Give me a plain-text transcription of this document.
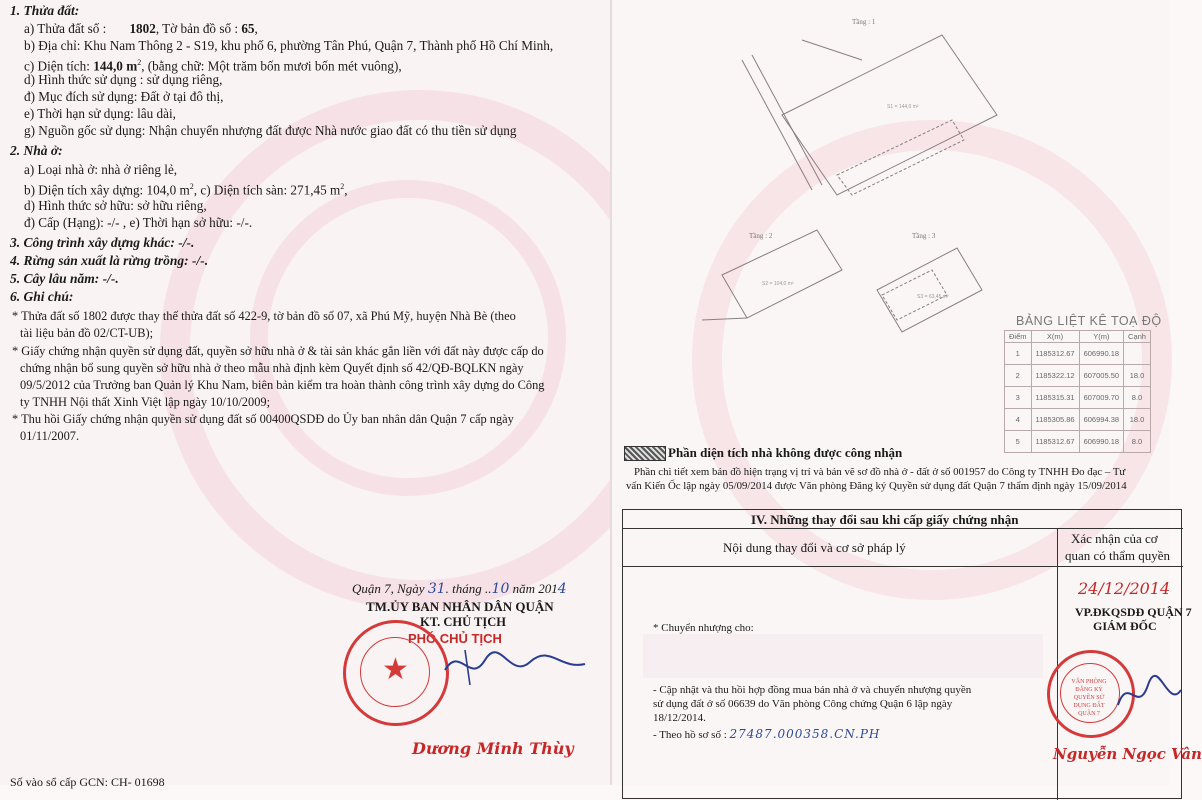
1. Thửa đất:
a) Thửa đất số : 1802, Tờ bản đồ số : 65,
b) Địa chỉ: Khu Nam Thông 2 - S19, khu phố 6, phường Tân Phú, Quận 7, Thành phố Hồ Chí Minh,
c) Diện tích: 144,0 $m^2$, (bằng chữ: Một trăm bốn mươi bốn mét vuông),
d) Hình thức sử dụng : sử dụng riêng,
đ) Mục đích sử dụng: Đất ở tại đô thị,
e) Thời hạn sử dụng: lâu dài,
g) Nguồn gốc sử dụng: Nhận chuyển nhượng đất được Nhà nước giao đất có thu tiền sử dụng
2. Nhà ở:
a) Loại nhà ở: nhà ở riêng lẻ,
b) Diện tích xây dựng: 104,0 $m^2$, c) Diện tích sàn: 271,45 $m^2$,
d) Hình thức sở hữu: sở hữu riêng,
đ) Cấp (Hạng): -/- , e) Thời hạn sở hữu: -/-.
3. Công trình xây dựng khác: -/-.
4. Rừng sản xuất là rừng trồng: -/-.
5. Cây lâu năm: -/-.
6. Ghi chú:
* Thửa đất số 1802 được thay thế thửa đất số 422-9, tờ bản đồ số 07, xã Phú Mỹ, huyện Nhà Bè (theo
tài liệu bản đồ 02/CT-UB);
* Giấy chứng nhận quyền sử dụng đất, quyền sở hữu nhà ở & tài sản khác gắn liền với đất này được cấp do
chứng nhận bổ sung quyền sở hữu nhà ở theo mẫu nhà định kèm Quyết định số 42/QĐ-BQLKN ngày
09/5/2012 của Trưởng ban Quản lý Khu Nam, biên bản kiểm tra hoàn thành công trình xây dựng do Công
ty TNHH Nội thất Xinh Việt lập ngày 10/10/2009;
* Thu hồi Giấy chứng nhận quyền sử dụng đất số 00400QSDĐ do Ủy ban nhân dân Quận 7 cấp ngày
01/11/2007.
Quận 7, Ngày 31. tháng ..10 năm 2014
TM.ỦY BAN NHÂN DÂN QUẬN
KT. CHỦ TỊCH
PHÓ CHỦ TỊCH
★
Dương Minh Thùy
Số vào sổ cấp GCN: CH- 01698
S1 = 144,0 m²
S2 = 104,0 m²
S3 = 63,45 m²
Tầng : 1
Tầng : 2	Tầng : 3
BẢNG LIỆT KÊ TOẠ ĐỘ
Điểm	X(m)	Y(m)	Cạnh
1	1185312.67	606990.18	
2	1185322.12	607005.50	18.0
3	1185315.31	607009.70	8.0
4	1185305.86	606994.38	18.0
5	1185312.67	606990.18	8.0
Phần diện tích nhà không được công nhận
Phần chi tiết xem bản đồ hiện trạng vị trí và bản vẽ sơ đồ nhà ở - đất ở số 001957 do Công ty TNHH Đo đạc – Tư
vấn Kiến Ốc lập ngày 05/09/2014 được Văn phòng Đăng ký Quyền sử dụng đất Quận 7 thẩm định ngày 15/09/2014
IV. Những thay đổi sau khi cấp giấy chứng nhận
Nội dung thay đổi và cơ sở pháp lý
Xác nhận của cơ
quan có thẩm quyền
* Chuyển nhượng cho:
- Cập nhật và thu hồi hợp đồng mua bán nhà ở và chuyển nhượng quyền
sử dụng đất ở số 06639 do Văn phòng Công chứng Quận 6 lập ngày
18/12/2014.
- Theo hồ sơ số : 27487.000358.CN.PH
24/12/2014
VP.ĐKQSDĐ QUẬN 7
GIÁM ĐỐC
VĂN PHÒNG ĐĂNG KÝ QUYỀN SỬ DỤNG ĐẤT QUẬN 7
Nguyễn Ngọc Vân
